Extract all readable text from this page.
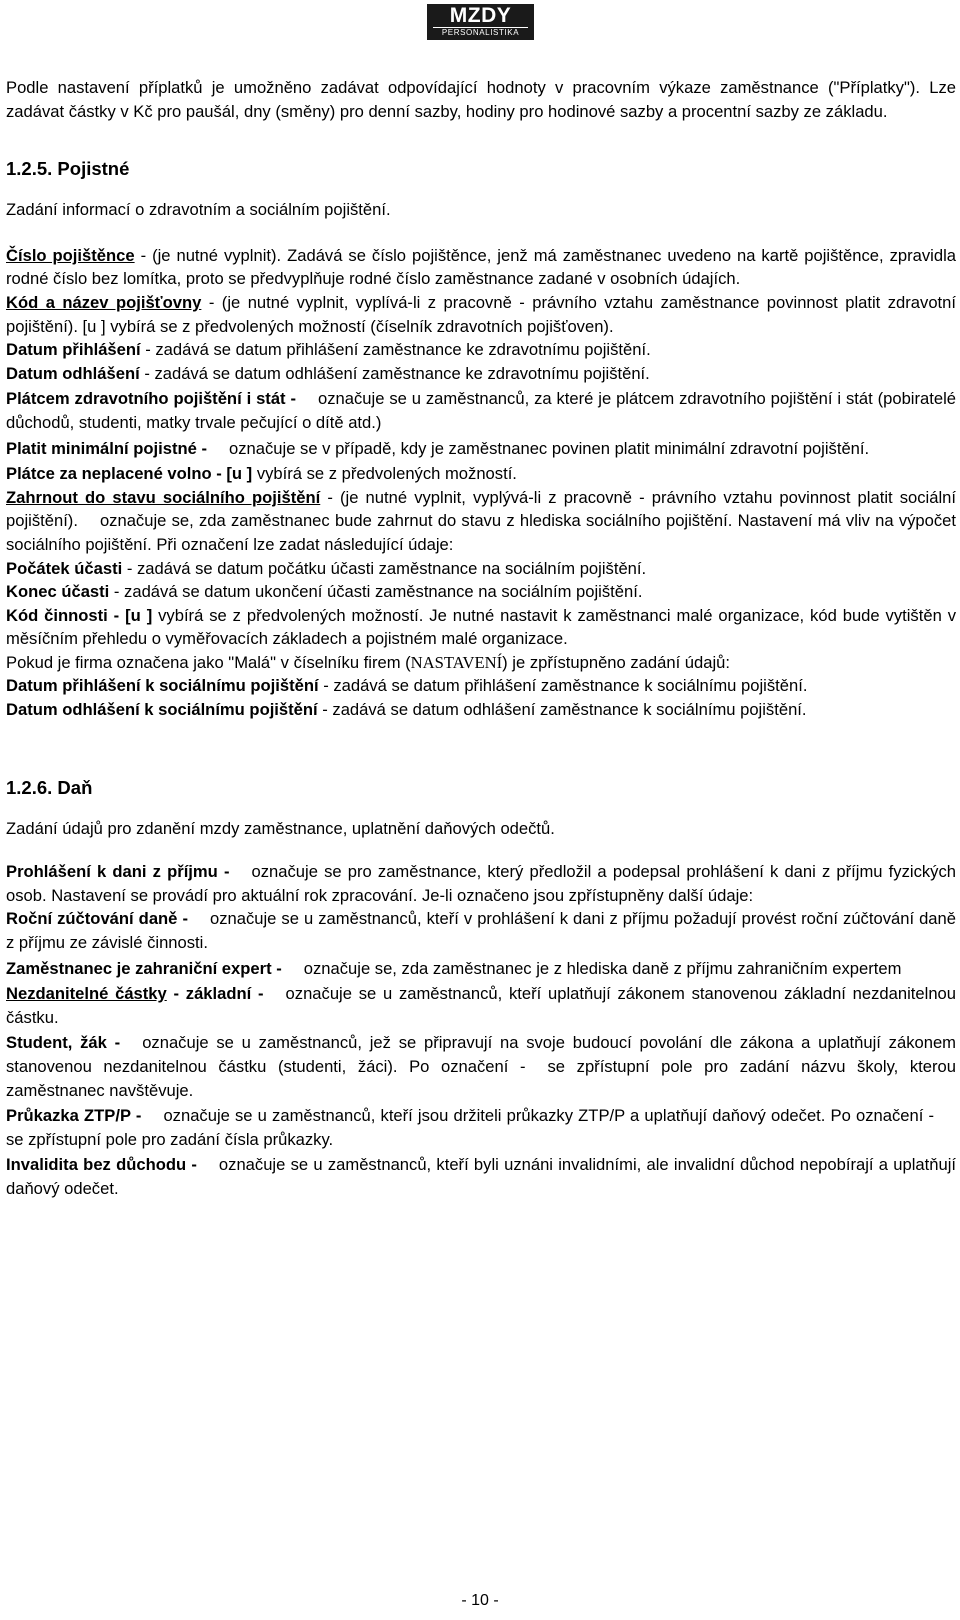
MZDY
PERSONALISTIKA

Podle nastavení příplatků je umožněno zadávat odpovídající hodnoty v pracovním výkaze zaměstnance ("Příplatky"). Lze zadávat částky v Kč pro paušál, dny (směny) pro denní sazby, hodiny pro hodinové sazby a procentní sazby ze základu.

1.2.5. Pojistné

Zadání informací o zdravotním a sociálním pojištění.

Číslo pojištěnce - (je nutné vyplnit). Zadává se číslo pojištěnce, jenž má zaměstnanec uvedeno na kartě pojištěnce, zpravidla rodné číslo bez lomítka, proto se předvyplňuje rodné číslo zaměstnance zadané v osobních údajích.

Kód a název pojišťovny - (je nutné vyplnit, vyplívá-li z pracovně - právního vztahu zaměstnance povinnost platit zdravotní pojištění). [u ] vybírá se z předvolených možností (číselník zdravotních pojišťoven).

Datum přihlášení - zadává se datum přihlášení zaměstnance ke zdravotnímu pojištění.

Datum odhlášení - zadává se datum odhlášení zaměstnance ke zdravotnímu pojištění.

Plátcem zdravotního pojištění i stát - označuje se u zaměstnanců, za které je plátcem zdravotního pojištění i stát (pobiratelé důchodů, studenti, matky trvale pečující o dítě atd.)

Platit minimální pojistné - označuje se v případě, kdy je zaměstnanec povinen platit minimální zdravotní pojištění.

Plátce za neplacené volno - [u ] vybírá se z předvolených možností.

Zahrnout do stavu sociálního pojištění - (je nutné vyplnit, vyplývá-li z pracovně - právního vztahu povinnost platit sociální pojištění). označuje se, zda zaměstnanec bude zahrnut do stavu z hlediska sociálního pojištění. Nastavení má vliv na výpočet sociálního pojištění. Při označení lze zadat následující údaje:

Počátek účasti - zadává se datum počátku účasti zaměstnance na sociálním pojištění.

Konec účasti - zadává se datum ukončení účasti zaměstnance na sociálním pojištění.

Kód činnosti - [u ] vybírá se z předvolených možností. Je nutné nastavit k zaměstnanci malé organizace, kód bude vytištěn v měsíčním přehledu o vyměřovacích základech a pojistném malé organizace.

Pokud je firma označena jako "Malá" v číselníku firem (NASTAVENÍ) je zpřístupněno zadání údajů:

Datum přihlášení k sociálnímu pojištění - zadává se datum přihlášení zaměstnance k sociálnímu pojištění.

Datum odhlášení k sociálnímu pojištění - zadává se datum odhlášení zaměstnance k sociálnímu pojištění.

1.2.6. Daň

Zadání údajů pro zdanění mzdy zaměstnance, uplatnění daňových odečtů.

Prohlášení k dani z příjmu - označuje se pro zaměstnance, který předložil a podepsal prohlášení k dani z příjmu fyzických osob. Nastavení se provádí pro aktuální rok zpracování. Je-li označeno jsou zpřístupněny další údaje:

Roční zúčtování daně - označuje se u zaměstnanců, kteří v prohlášení k dani z příjmu požadují provést roční zúčtování daně z příjmu ze závislé činnosti.

Zaměstnanec je zahraniční expert - označuje se, zda zaměstnanec je z hlediska daně z příjmu zahraničním expertem

Nezdanitelné částky - základní - označuje se u zaměstnanců, kteří uplatňují zákonem stanovenou základní nezdanitelnou částku.

Student, žák - označuje se u zaměstnanců, jež se připravují na svoje budoucí povolání dle zákona a uplatňují zákonem stanovenou nezdanitelnou částku (studenti, žáci). Po označení - se zpřístupní pole pro zadání názvu školy, kterou zaměstnanec navštěvuje.

Průkazka ZTP/P - označuje se u zaměstnanců, kteří jsou držiteli průkazky ZTP/P a uplatňují daňový odečet. Po označení -se zpřístupní pole pro zadání čísla průkazky.

Invalidita bez důchodu - označuje se u zaměstnanců, kteří byli uznáni invalidními, ale invalidní důchod nepobírají a uplatňují daňový odečet.

- 10 -
